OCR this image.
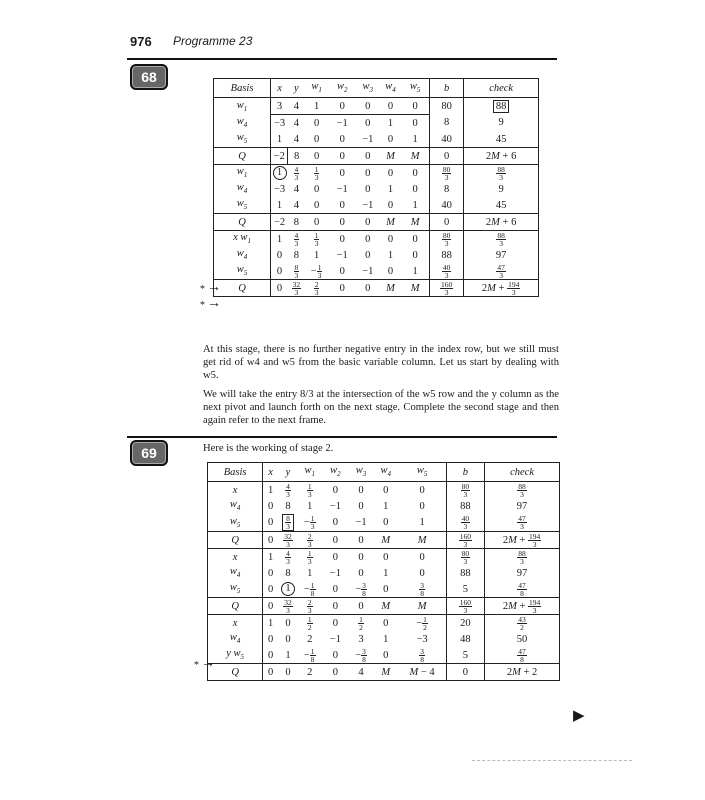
976 Programme 23
68
Basis	x	y	$w_1$	$w_2$	$w_3$	$w_4$	$w_5$	b	check
$w_1$	3	4	1	0	0	0	0	80	88
$w_4$	−3	4	0	−1	0	1	0	8	9
$w_5$	1	4	0	0	−1	0	1	40	45
Q	−2	8	0	0	0	M	M	0	2M + 6
$w_1$	1	$\frac{4}{3}$	$\frac{1}{3}$	0	0	0	0	$\frac{80}{3}$	$\frac{88}{3}$

$w_4$	−3	4	0	−1	0	1	0	8	9
$w_5$	1	4	0	0	−1	0	1	40	45
Q	−2	8	0	0	0	M	M	0	2M + 6
x $w_1$	1	$\frac{4}{3}$	$\frac{1}{3}$	0	0	0	0	$\frac{80}{3}$	$\frac{88}{3}$

$w_4$	0	8	1	−1	0	1	0	88	97
$w_5$	0	$\frac{8}{3}$	− $\frac{1}{3}$	0	−1	0	1	$\frac{40}{3}$	$\frac{47}{3}$

Q	0	$\frac{32}{3}$	$\frac{2}{3}$	0	0	M	M	$\frac{160}{3}$	$2M + \frac{194}{3}$
* →
* →
At this stage, there is no further negative entry in the index row, but we still must get rid of w4 and w5 from the basic variable column. Let us start by dealing with w5.
We will take the entry 8/3 at the intersection of the w5 row and the y column as the next pivot and launch forth on the next stage. Complete the second stage and then again refer to the next frame.
69	Here is the working of stage 2.
Basis	x	y	$w_1$	$w_2$	$w_3$	$w_4$	$w_5$	b	check
x	1	$\frac{4}{3}$	$\frac{1}{3}$	0	0	0	0	$\frac{80}{3}$	$\frac{88}{3}$

$w_4$	0	8	1	−1	0	1	0	88	97
$w_5$	0	$\frac{8}{3}$	− $\frac{1}{3}$	0	−1	0	1	$\frac{40}{3}$	$\frac{47}{3}$

Q	0	$\frac{32}{3}$	$\frac{2}{3}$	0	0	M	M	$\frac{160}{3}$	$2M + \frac{194}{3}$

x	1	$\frac{4}{3}$	$\frac{1}{3}$	0	0	0	0	$\frac{80}{3}$	$\frac{88}{3}$

$w_4$	0	8	1	−1	0	1	0	88	97
$w_5$	0	1	− $\frac{1}{8}$	0	− $\frac{3}{8}$	0	$\frac{3}{8}$	5	$\frac{47}{8}$

Q	0	$\frac{32}{3}$	$\frac{2}{3}$	0	0	M	M	$\frac{160}{3}$	$2M + \frac{194}{3}$

x	1	0	$\frac{1}{2}$	0	$\frac{1}{2}$	0	− $\frac{1}{2}$	20	$\frac{43}{2}$

$w_4$	0	0	2	−1	3	1	−3	48	50
y $w_5$	0	1	− $\frac{1}{8}$	0	− $\frac{3}{8}$	0	$\frac{3}{8}$	5	$\frac{47}{8}$

Q	0	0	2	0	4	M	M − 4	0	2M + 2
* →
▶
